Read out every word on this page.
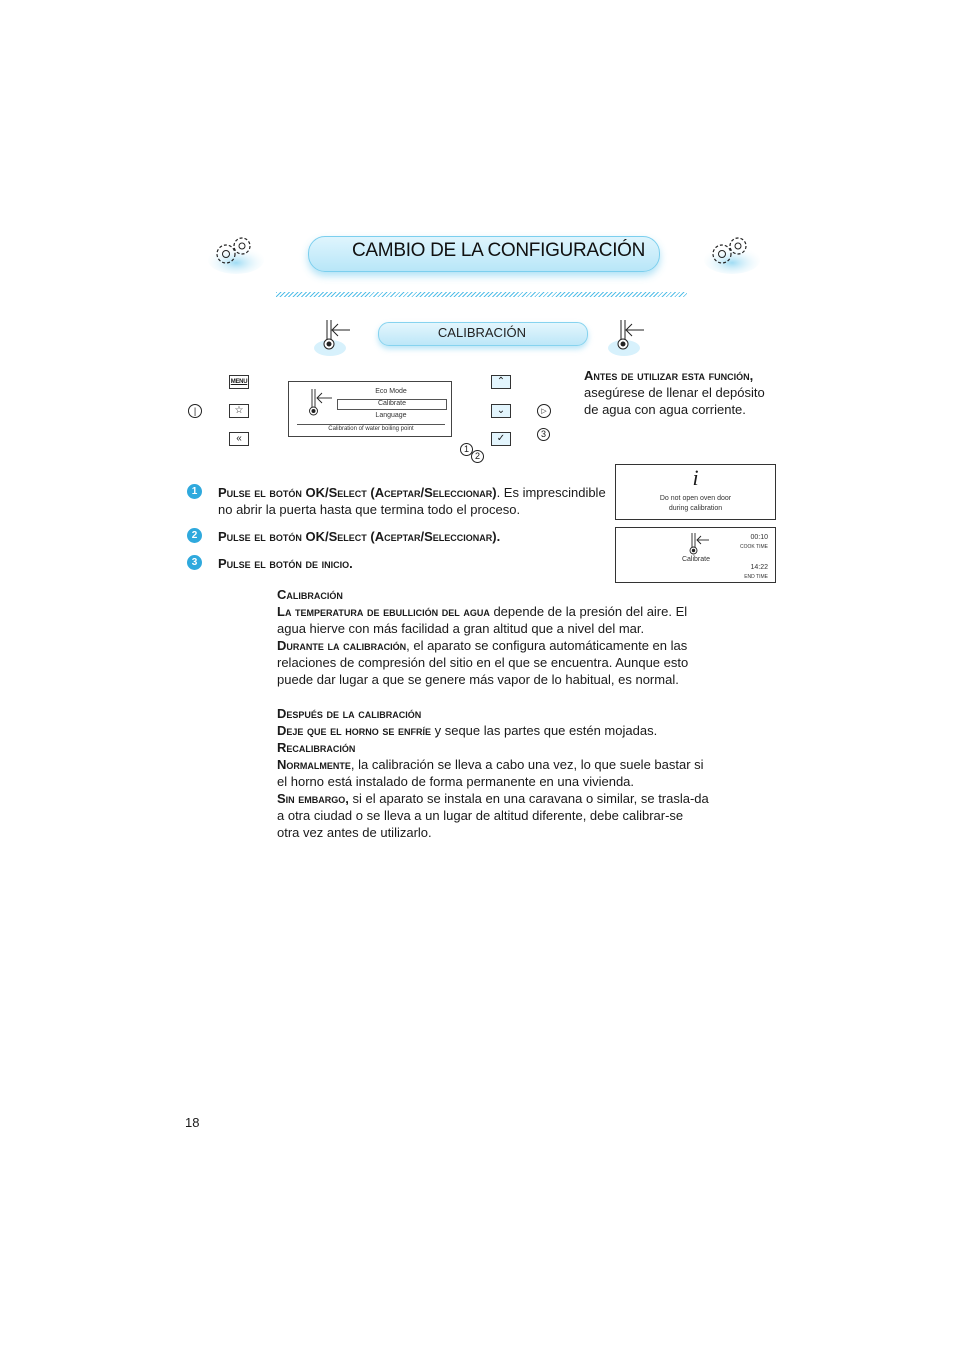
CAMBIO DE LA CONFIGURACIÓN
CALIBRACIÓN
|
MENU
☆
«
Eco Mode
Calibrate
Language
Calibration of water boiling point
⌃
⌄
✓
▷
3
1
2
Antes de utilizar esta función,
asegúrese de llenar el depósito de agua con agua corriente.
i
Do not open oven door
during calibration
Calibrate
00:10
COOK TIME
14:22
END TIME
1	Pulse el botón OK/Select (Aceptar/Seleccionar). Es imprescindible no abrir la puerta hasta que termina todo el proceso.
2	Pulse el botón OK/Select (Aceptar/Seleccionar).
3	Pulse el botón de inicio.
Calibración
La temperatura de ebullición del agua depende de la presión del aire. El agua hierve con más facilidad a gran altitud que a nivel del mar.
Durante la calibración, el aparato se configura automáticamente en las relaciones de compresión del sitio en el que se encuentra. Aunque esto puede dar lugar a que se genere más vapor de lo habitual, es normal.
Después de la calibración
Deje que el horno se enfríe y seque las partes que estén mojadas.
Recalibración
Normalmente, la calibración se lleva a cabo una vez, lo que suele bastar si el horno está instalado de forma permanente en una vivienda.
Sin embargo, si el aparato se instala en una caravana o similar, se trasla-da a otra ciudad o se lleva a un lugar de altitud diferente, debe calibrar-se otra vez antes de utilizarlo.
18
